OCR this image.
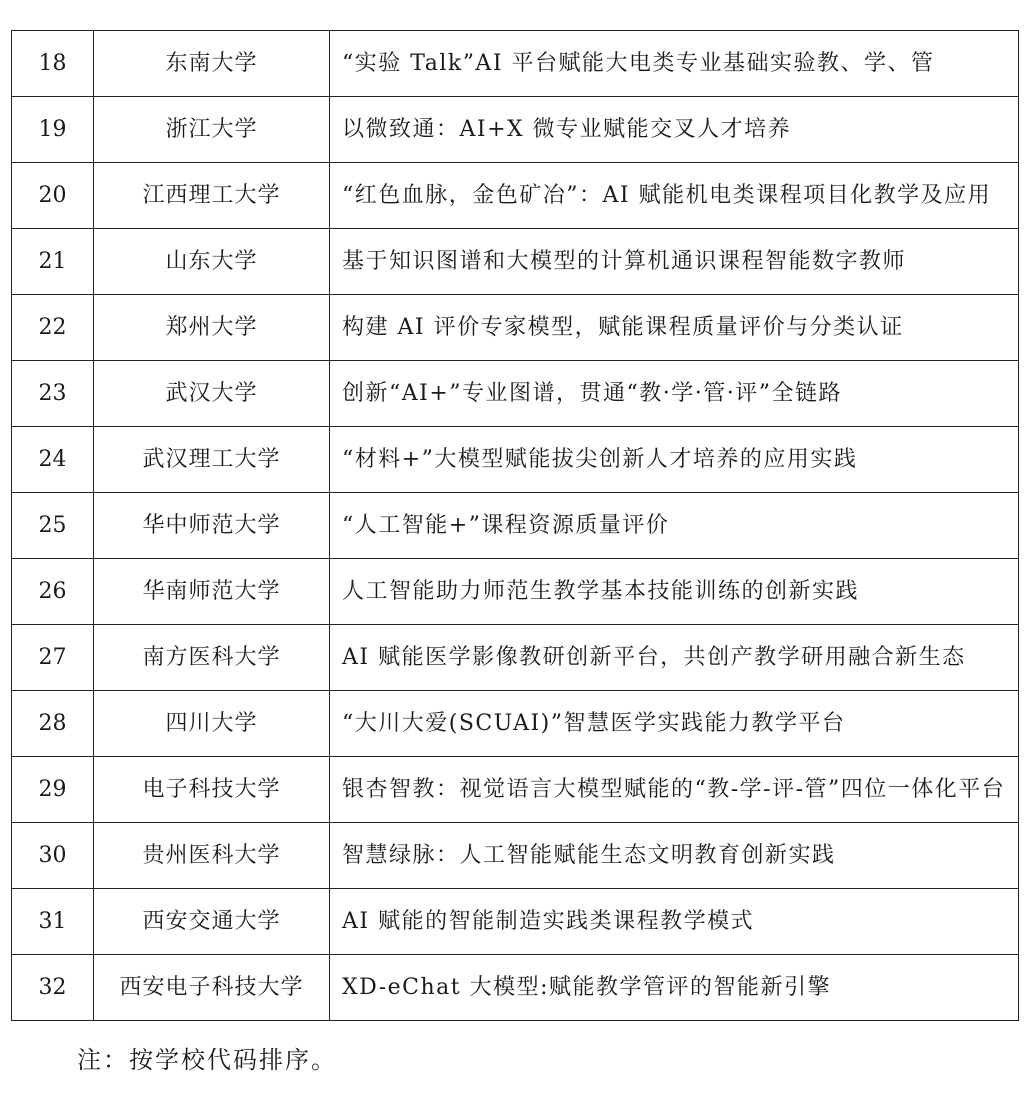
18	东南大学	“实验 Talk”AI 平台赋能大电类专业基础实验教、学、管
19	浙江大学	以微致通：AI+X 微专业赋能交叉人才培养
20	江西理工大学	“红色血脉，金色矿冶”：AI 赋能机电类课程项目化教学及应用
21	山东大学	基于知识图谱和大模型的计算机通识课程智能数字教师
22	郑州大学	构建 AI 评价专家模型，赋能课程质量评价与分类认证
23	武汉大学	创新“AI+”专业图谱，贯通“教·学·管·评”全链路
24	武汉理工大学	“材料+”大模型赋能拔尖创新人才培养的应用实践
25	华中师范大学	“人工智能+”课程资源质量评价
26	华南师范大学	人工智能助力师范生教学基本技能训练的创新实践
27	南方医科大学	AI 赋能医学影像教研创新平台，共创产教学研用融合新生态
28	四川大学	“大川大爱(SCUAI)”智慧医学实践能力教学平台
29	电子科技大学	银杏智教：视觉语言大模型赋能的“教-学-评-管”四位一体化平台
30	贵州医科大学	智慧绿脉：人工智能赋能生态文明教育创新实践
31	西安交通大学	AI 赋能的智能制造实践类课程教学模式
32	西安电子科技大学	XD-eChat 大模型:赋能教学管评的智能新引擎
注：按学校代码排序。
